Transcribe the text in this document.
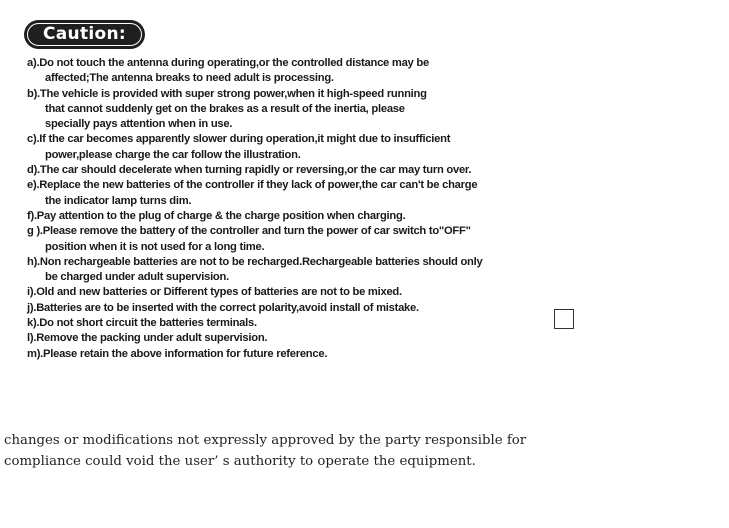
Caution:
a).Do not touch the antenna during operating,or the controlled distance may be
affected;The antenna breaks to need adult is processing.
b).The vehicle is provided with super strong power,when it high-speed running
that cannot suddenly get on the brakes as a result of the inertia, please
specially pays attention when in use.
c).If the car becomes apparently slower during operation,it might due to insufficient
power,please charge the car follow the illustration.
d).The car should decelerate when turning rapidly or reversing,or the car may turn over.
e).Replace the new batteries of the controller if they lack of power,the car can't be charge
the indicator lamp turns dim.
f).Pay attention to the plug of charge & the charge position when charging.
g ).Please remove the battery of the controller and turn the power of car switch to"OFF"
position when it is not used for a long time.
h).Non rechargeable batteries are not to be recharged.Rechargeable batteries should only
be charged under adult supervision.
i).Old and new batteries or Different types of batteries are not to be mixed.
j).Batteries are to be inserted with the correct polarity,avoid install of mistake.
k).Do not short circuit the batteries terminals.
l).Remove the packing under adult supervision.
m).Please retain the above information for future reference.
changes or modifications not expressly approved by the party responsible for
compliance could void the user’ s authority to operate the equipment.
